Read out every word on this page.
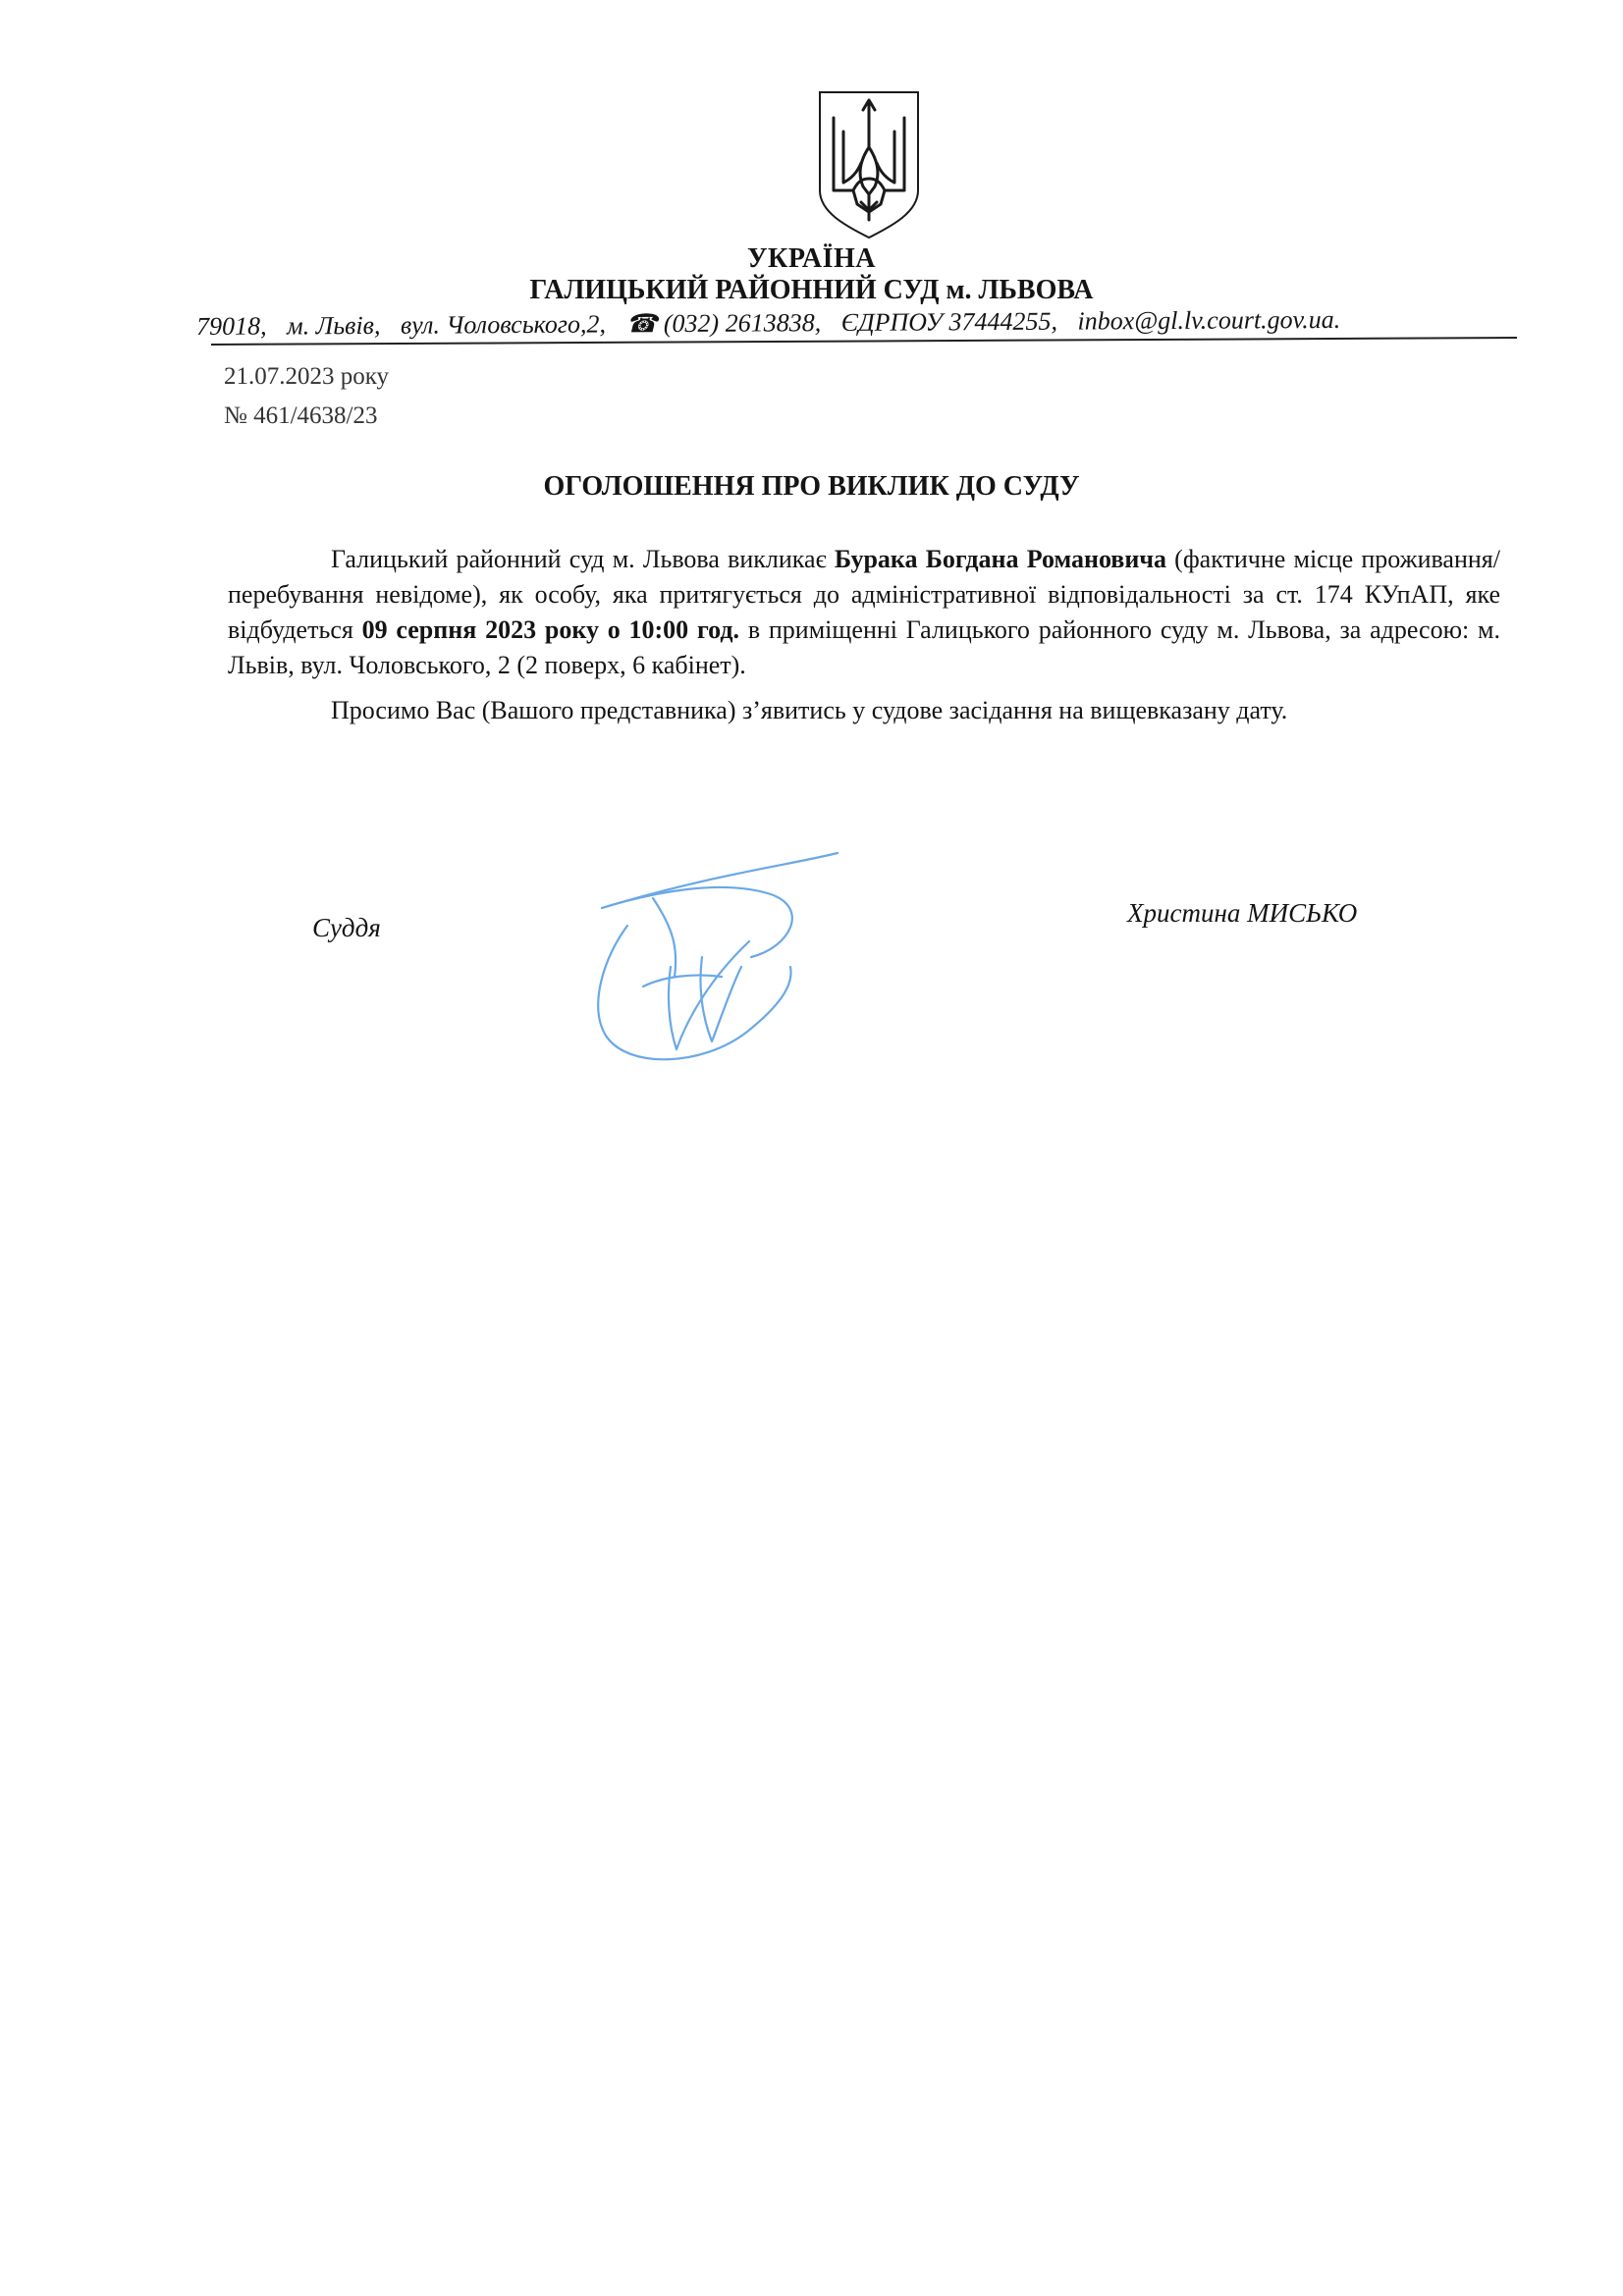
УКРАЇНА
ГАЛИЦЬКИЙ РАЙОННИЙ СУД м. ЛЬВОВА
79018, м. Львів, вул. Чоловського,2, ☎ (032) 2613838, ЄДРПОУ 37444255, inbox@gl.lv.court.gov.ua.
21.07.2023 року
№ 461/4638/23
ОГОЛОШЕННЯ ПРО ВИКЛИК ДО СУДУ

Галицький районний суд м. Львова викликає Бурака Богдана Романовича (фактичне місце проживання/перебування невідоме), як особу, яка притягується до адміністративної відповідальності за ст. 174 КУпАП, яке відбудеться 09 серпня 2023 року о 10:00 год. в приміщенні Галицького районного суду м. Львова, за адресою: м. Львів, вул. Чоловського, 2 (2 поверх, 6 кабінет).

Просимо Вас (Вашого представника) з’явитись у судове засідання на вищевказану дату.

Суддя	Христина МИСЬКО
